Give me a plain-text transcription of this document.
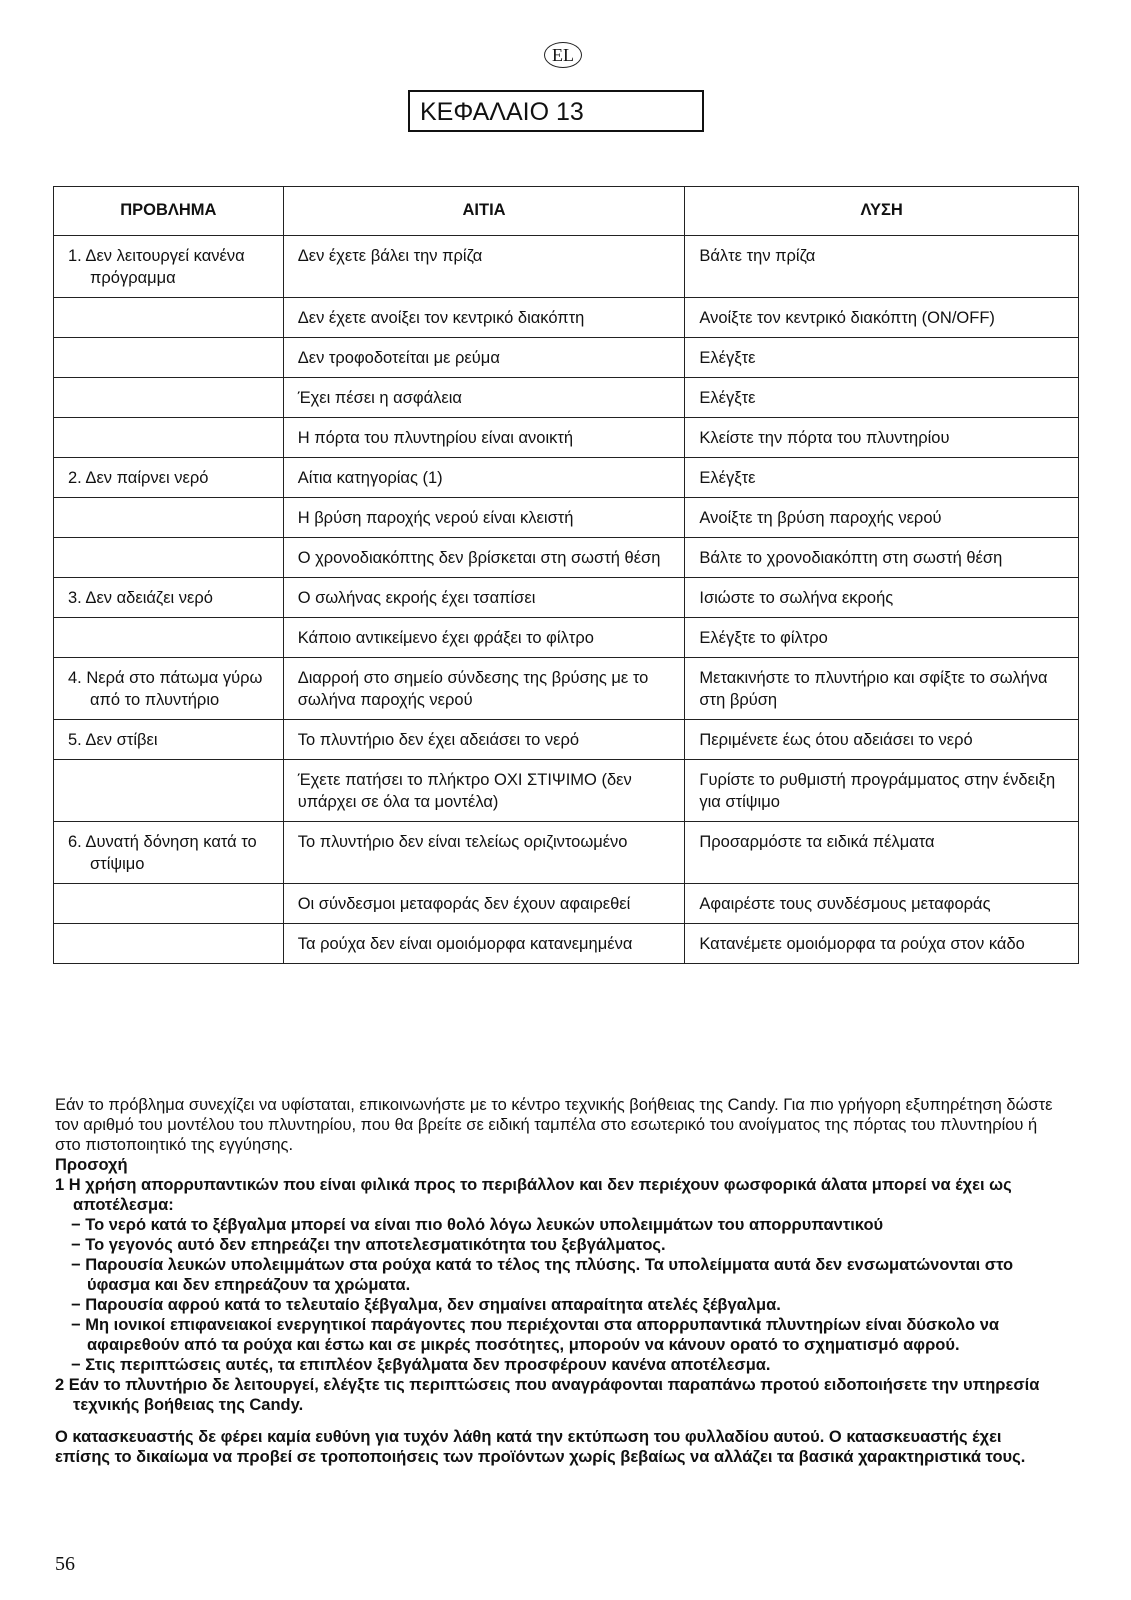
EL
ΚΕΦΑΛΑΙΟ 13
ΠΡΟΒΛΗΜΑ	ΑΙΤΙΑ	ΛΥΣΗ

1. Δεν λειτουργεί κανένα πρόγραμμα	Δεν έχετε βάλει την πρίζα	Βάλτε την πρίζα

	Δεν έχετε ανοίξει τον κεντρικό διακόπτη	Ανοίξτε τον κεντρικό διακόπτη (ON/OFF)

	Δεν τροφοδοτείται με ρεύμα	Ελέγξτε

	Έχει πέσει η ασφάλεια	Ελέγξτε

	Η πόρτα του πλυντηρίου είναι ανοικτή	Κλείστε την πόρτα του πλυντηρίου

2. Δεν παίρνει νερό	Αίτια κατηγορίας (1)	Ελέγξτε

	Η βρύση παροχής νερού είναι κλειστή	Ανοίξτε τη βρύση παροχής νερού

	Ο χρονοδιακόπτης δεν βρίσκεται στη σωστή θέση	Βάλτε το χρονοδιακόπτη στη σωστή θέση

3. Δεν αδειάζει νερό	Ο σωλήνας εκροής έχει τσαπίσει	Ισιώστε το σωλήνα εκροής

	Κάποιο αντικείμενο έχει φράξει το φίλτρο	Ελέγξτε το φίλτρο

4. Νερά στο πάτωμα γύρω από το πλυντήριο	Διαρροή στο σημείο σύνδεσης της βρύσης με το σωλήνα παροχής νερού	Μετακινήστε το πλυντήριο και σφίξτε το σωλήνα στη βρύση

5. Δεν στίβει	Το πλυντήριο δεν έχει αδειάσει το νερό	Περιμένετε έως ότου αδειάσει το νερό

	Έχετε πατήσει το πλήκτρο ΟΧΙ ΣΤΙΨΙΜΟ (δεν υπάρχει σε όλα τα μοντέλα)	Γυρίστε το ρυθμιστή προγράμματος στην ένδειξη για στίψιμο

6. Δυνατή δόνηση κατά το στίψιμο	Το πλυντήριο δεν είναι τελείως οριζιντοωμένο	Προσαρμόστε τα ειδικά πέλματα

	Οι σύνδεσμοι μεταφοράς δεν έχουν αφαιρεθεί	Αφαιρέστε τους συνδέσμους μεταφοράς

	Τα ρούχα δεν είναι ομοιόμορφα κατανεμημένα	Κατανέμετε ομοιόμορφα τα ρούχα στον κάδο

Εάν το πρόβλημα συνεχίζει να υφίσταται, επικοινωνήστε με το κέντρο τεχνικής βοήθειας της Candy. Για πιο γρήγορη εξυπηρέτηση δώστε τον αριθμό του μοντέλου του πλυντηρίου, που θα βρείτε σε ειδική ταμπέλα στο εσωτερικό του ανοίγματος της πόρτας του πλυντηρίου ή στο πιστοποιητικό της εγγύησης.

Προσοχή

1 Η χρήση απορρυπαντικών που είναι φιλικά προς το περιβάλλον και δεν περιέχουν φωσφορικά άλατα μπορεί να έχει ως αποτέλεσμα:

− Το νερό κατά το ξέβγαλμα μπορεί να είναι πιο θολό λόγω λευκών υπολειμμάτων του απορρυπαντικού

− Το γεγονός αυτό δεν επηρεάζει την αποτελεσματικότητα του ξεβγάλματος.

− Παρουσία λευκών υπολειμμάτων στα ρούχα κατά το τέλος της πλύσης. Τα υπολείμματα αυτά δεν ενσωματώνονται στο ύφασμα και δεν επηρεάζουν τα χρώματα.

− Παρουσία αφρού κατά το τελευταίο ξέβγαλμα, δεν σημαίνει απαραίτητα ατελές ξέβγαλμα.

− Μη ιονικοί επιφανειακοί ενεργητικοί παράγοντες που περιέχονται στα απορρυπαντικά πλυντηρίων είναι δύσκολο να αφαιρεθούν από τα ρούχα και έστω και σε μικρές ποσότητες, μπορούν να κάνουν ορατό το σχηματισμό αφρού.

− Στις περιπτώσεις αυτές, τα επιπλέον ξεβγάλματα δεν προσφέρουν κανένα αποτέλεσμα.

2 Εάν το πλυντήριο δε λειτουργεί, ελέγξτε τις περιπτώσεις που αναγράφονται παραπάνω προτού ειδοποιήσετε την υπηρεσία τεχνικής βοήθειας της Candy.

Ο κατασκευαστής δε φέρει καμία ευθύνη για τυχόν λάθη κατά την εκτύπωση του φυλλαδίου αυτού. Ο κατασκευαστής έχει επίσης το δικαίωμα να προβεί σε τροποποιήσεις των προϊόντων χωρίς βεβαίως να αλλάζει τα βασικά χαρακτηριστικά τους.

56
